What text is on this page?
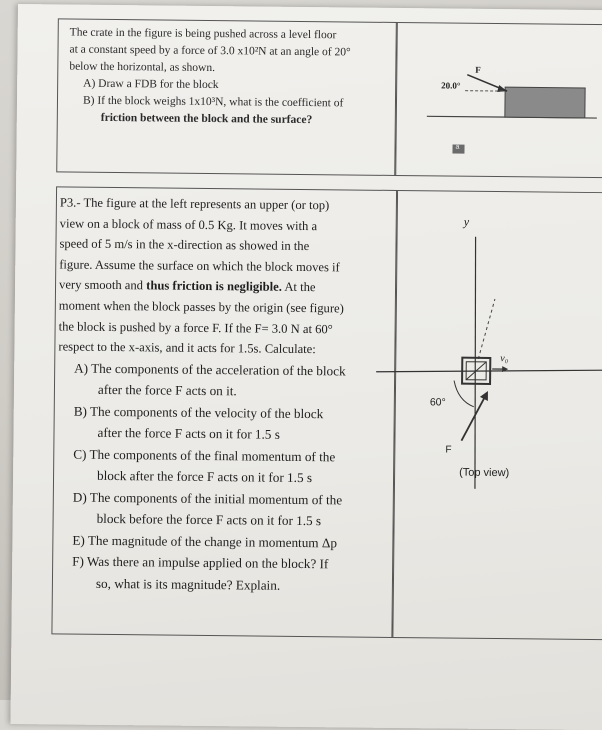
The crate in the figure is being pushed across a level floor
at a constant speed by a force of 3.0 x10²N at an angle of 20°
below the horizontal, as shown.
A) Draw a FDB for the block
B) If the block weighs 1x10³N, what is the coefficient of
friction between the block and the surface?
20.0°
F
a
P3.- The figure at the left represents an upper (or top)
view on a block of mass of 0.5 Kg. It moves with a
speed of 5 m/s in the x-direction as showed in the
figure. Assume the surface on which the block moves if
very smooth and thus friction is negligible. At the
moment when the block passes by the origin (see figure)
the block is pushed by a force F. If the F= 3.0 N at 60°
respect to the x-axis, and it acts for 1.5s. Calculate:
A) The components of the acceleration of the block
after the force F acts on it.
B) The components of the velocity of the block
after the force F acts on it for 1.5 s
C) The components of the final momentum of the
block after the force F acts on it for 1.5 s
D) The components of the initial momentum of the
block before the force F acts on it for 1.5 s
E) The magnitude of the change in momentum Δp
F) Was there an impulse applied on the block? If
so, what is its magnitude? Explain.
y
v₀
60°
F
(Top view)
